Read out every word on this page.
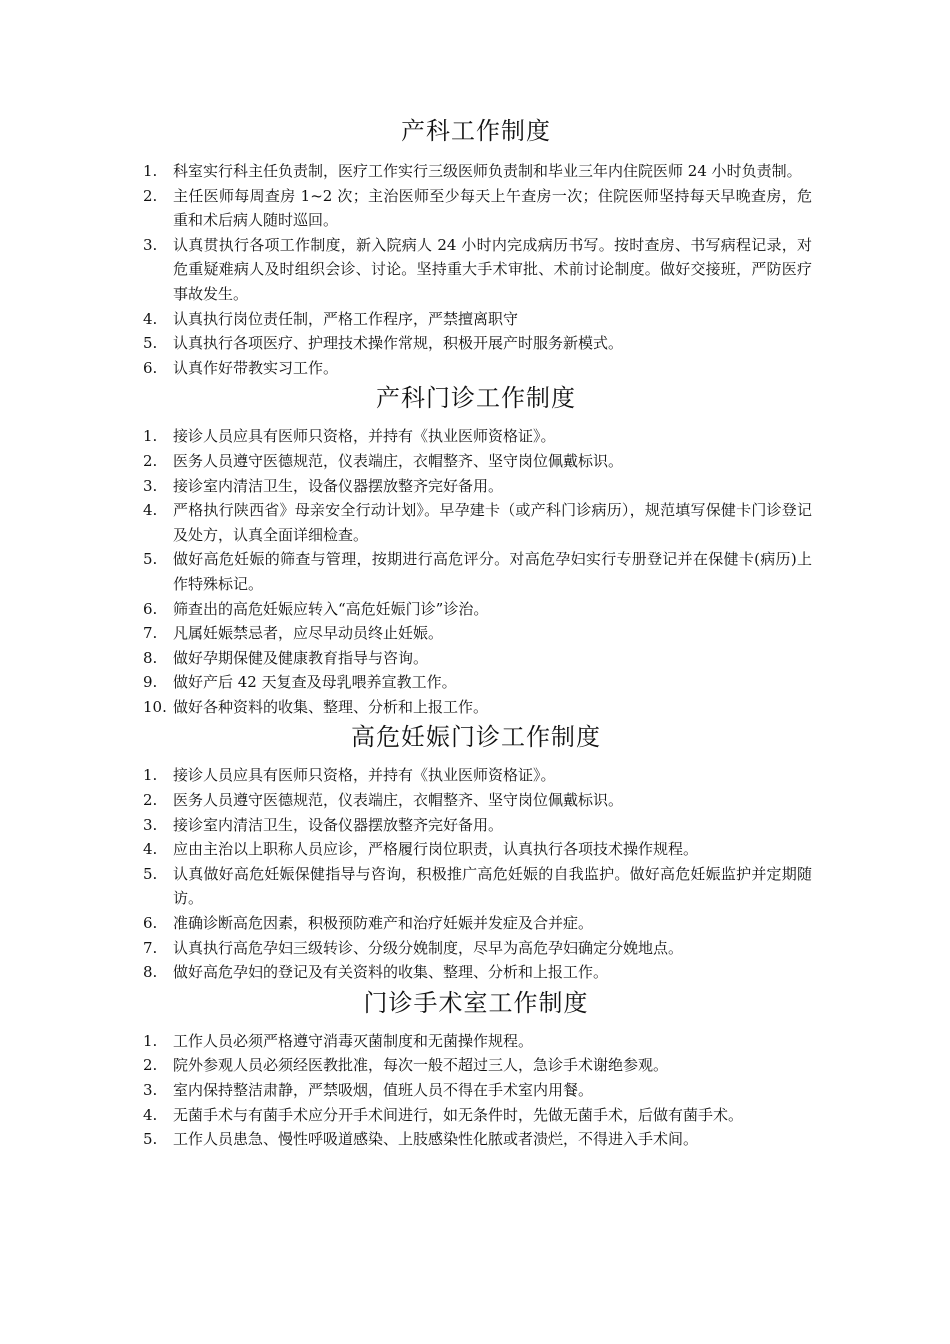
产科工作制度
1.	科室实行科主任负责制，医疗工作实行三级医师负责制和毕业三年内住院医师 24 小时负责制。
2.	主任医师每周查房 1~2 次；主治医师至少每天上午查房一次；住院医师坚持每天早晚查房，危重和术后病人随时巡回。
3.	认真贯执行各项工作制度，新入院病人 24 小时内完成病历书写。按时查房、书写病程记录，对危重疑难病人及时组织会诊、讨论。坚持重大手术审批、术前讨论制度。做好交接班，严防医疗事故发生。
4.	认真执行岗位责任制，严格工作程序，严禁擅离职守
5.	认真执行各项医疗、护理技术操作常规，积极开展产时服务新模式。
6.	认真作好带教实习工作。
产科门诊工作制度
1.	接诊人员应具有医师只资格，并持有《执业医师资格证》。
2.	医务人员遵守医德规范，仪表端庄，衣帽整齐、坚守岗位佩戴标识。
3.	接诊室内清洁卫生，设备仪器摆放整齐完好备用。
4.	严格执行陕西省》母亲安全行动计划》。早孕建卡（或产科门诊病历），规范填写保健卡门诊登记及处方，认真全面详细检查。
5.	做好高危妊娠的筛查与管理，按期进行高危评分。对高危孕妇实行专册登记并在保健卡(病历)上作特殊标记。
6.	筛查出的高危妊娠应转入“高危妊娠门诊”诊治。
7.	凡属妊娠禁忌者，应尽早动员终止妊娠。
8.	做好孕期保健及健康教育指导与咨询。
9.	做好产后 42 天复查及母乳喂养宣教工作。
10. 做好各种资料的收集、整理、分析和上报工作。
高危妊娠门诊工作制度
1.	接诊人员应具有医师只资格，并持有《执业医师资格证》。
2.	医务人员遵守医德规范，仪表端庄，衣帽整齐、坚守岗位佩戴标识。
3.	接诊室内清洁卫生，设备仪器摆放整齐完好备用。
4.	应由主治以上职称人员应诊，严格履行岗位职责，认真执行各项技术操作规程。
5.	认真做好高危妊娠保健指导与咨询，积极推广高危妊娠的自我监护。做好高危妊娠监护并定期随访。
6.	准确诊断高危因素，积极预防难产和治疗妊娠并发症及合并症。
7.	认真执行高危孕妇三级转诊、分级分娩制度，尽早为高危孕妇确定分娩地点。
8.	做好高危孕妇的登记及有关资料的收集、整理、分析和上报工作。
门诊手术室工作制度
1.	工作人员必须严格遵守消毒灭菌制度和无菌操作规程。
2.	院外参观人员必须经医教批准，每次一般不超过三人，急诊手术谢绝参观。
3.	室内保持整洁肃静，严禁吸烟，值班人员不得在手术室内用餐。
4.	无菌手术与有菌手术应分开手术间进行，如无条件时，先做无菌手术，后做有菌手术。
5.	工作人员患急、慢性呼吸道感染、上肢感染性化脓或者溃烂，不得进入手术间。
